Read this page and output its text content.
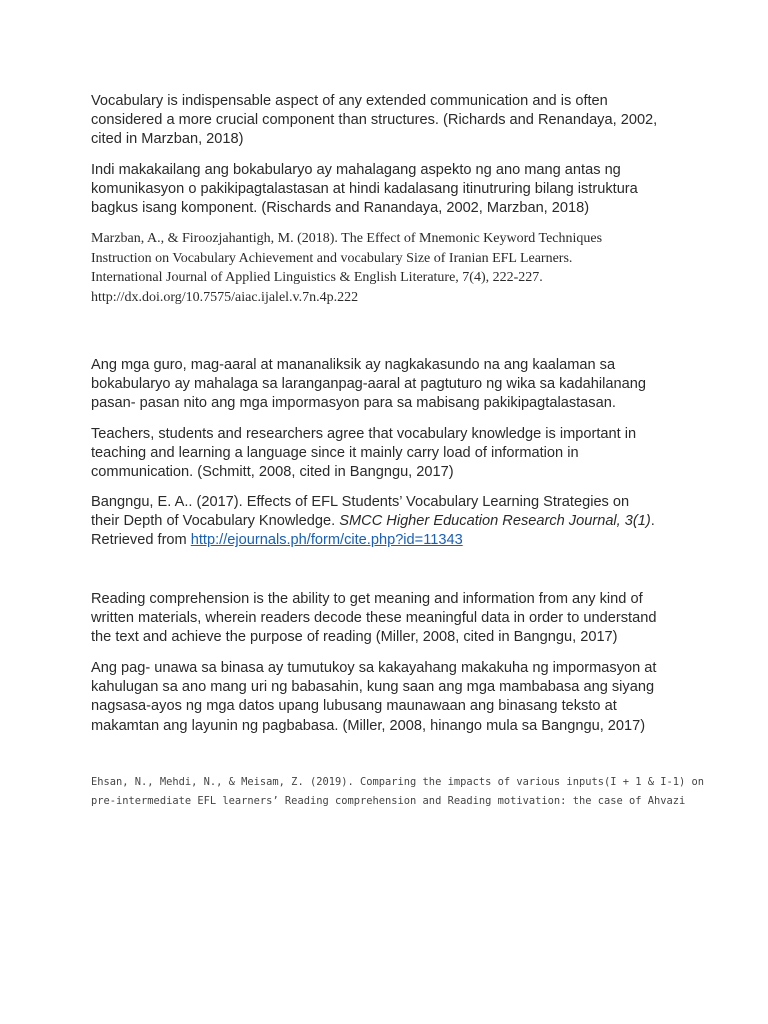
Vocabulary is indispensable aspect of any extended communication and is often
considered a more crucial component than structures. (Richards and Renandaya, 2002,
cited in Marzban, 2018)

Indi makakailang ang bokabularyo ay mahalagang aspekto ng ano mang antas ng
komunikasyon o pakikipagtalastasan at hindi kadalasang itinutruring bilang istruktura
bagkus isang komponent. (Rischards and Ranandaya, 2002, Marzban, 2018)

Marzban, A., & Firoozjahantigh, M. (2018). The Effect of Mnemonic Keyword Techniques
Instruction on Vocabulary Achievement and vocabulary Size of Iranian EFL Learners.
International Journal of Applied Linguistics & English Literature, 7(4), 222-227.
http://dx.doi.org/10.7575/aiac.ijalel.v.7n.4p.222

Ang mga guro, mag-aaral at mananaliksik ay nagkakasundo na ang kaalaman sa
bokabularyo ay mahalaga sa laranganpag-aaral at pagtuturo ng wika sa kadahilanang
pasan- pasan nito ang mga impormasyon para sa mabisang pakikipagtalastasan.

Teachers, students and researchers agree that vocabulary knowledge is important in
teaching and learning a language since it mainly carry load of information in
communication. (Schmitt, 2008, cited in Bangngu, 2017)

Bangngu, E. A.. (2017). Effects of EFL Students’ Vocabulary Learning Strategies on
their Depth of Vocabulary Knowledge. SMCC Higher Education Research Journal, 3(1).
Retrieved from http://ejournals.ph/form/cite.php?id=11343

Reading comprehension is the ability to get meaning and information from any kind of
written materials, wherein readers decode these meaningful data in order to understand
the text and achieve the purpose of reading (Miller, 2008, cited in Bangngu, 2017)

Ang pag- unawa sa binasa ay tumutukoy sa kakayahang makakuha ng impormasyon at
kahulugan sa ano mang uri ng babasahin, kung saan ang mga mambabasa ang siyang
nagsasa-ayos ng mga datos upang lubusang maunawaan ang binasang teksto at
makamtan ang layunin ng pagbabasa. (Miller, 2008, hinango mula sa Bangngu, 2017)

Ehsan, N., Mehdi, N., & Meisam, Z. (2019). Comparing the impacts of various inputs(I + 1 & I-1) on
pre-intermediate EFL learners’ Reading comprehension and Reading motivation: the case of Ahvazi
